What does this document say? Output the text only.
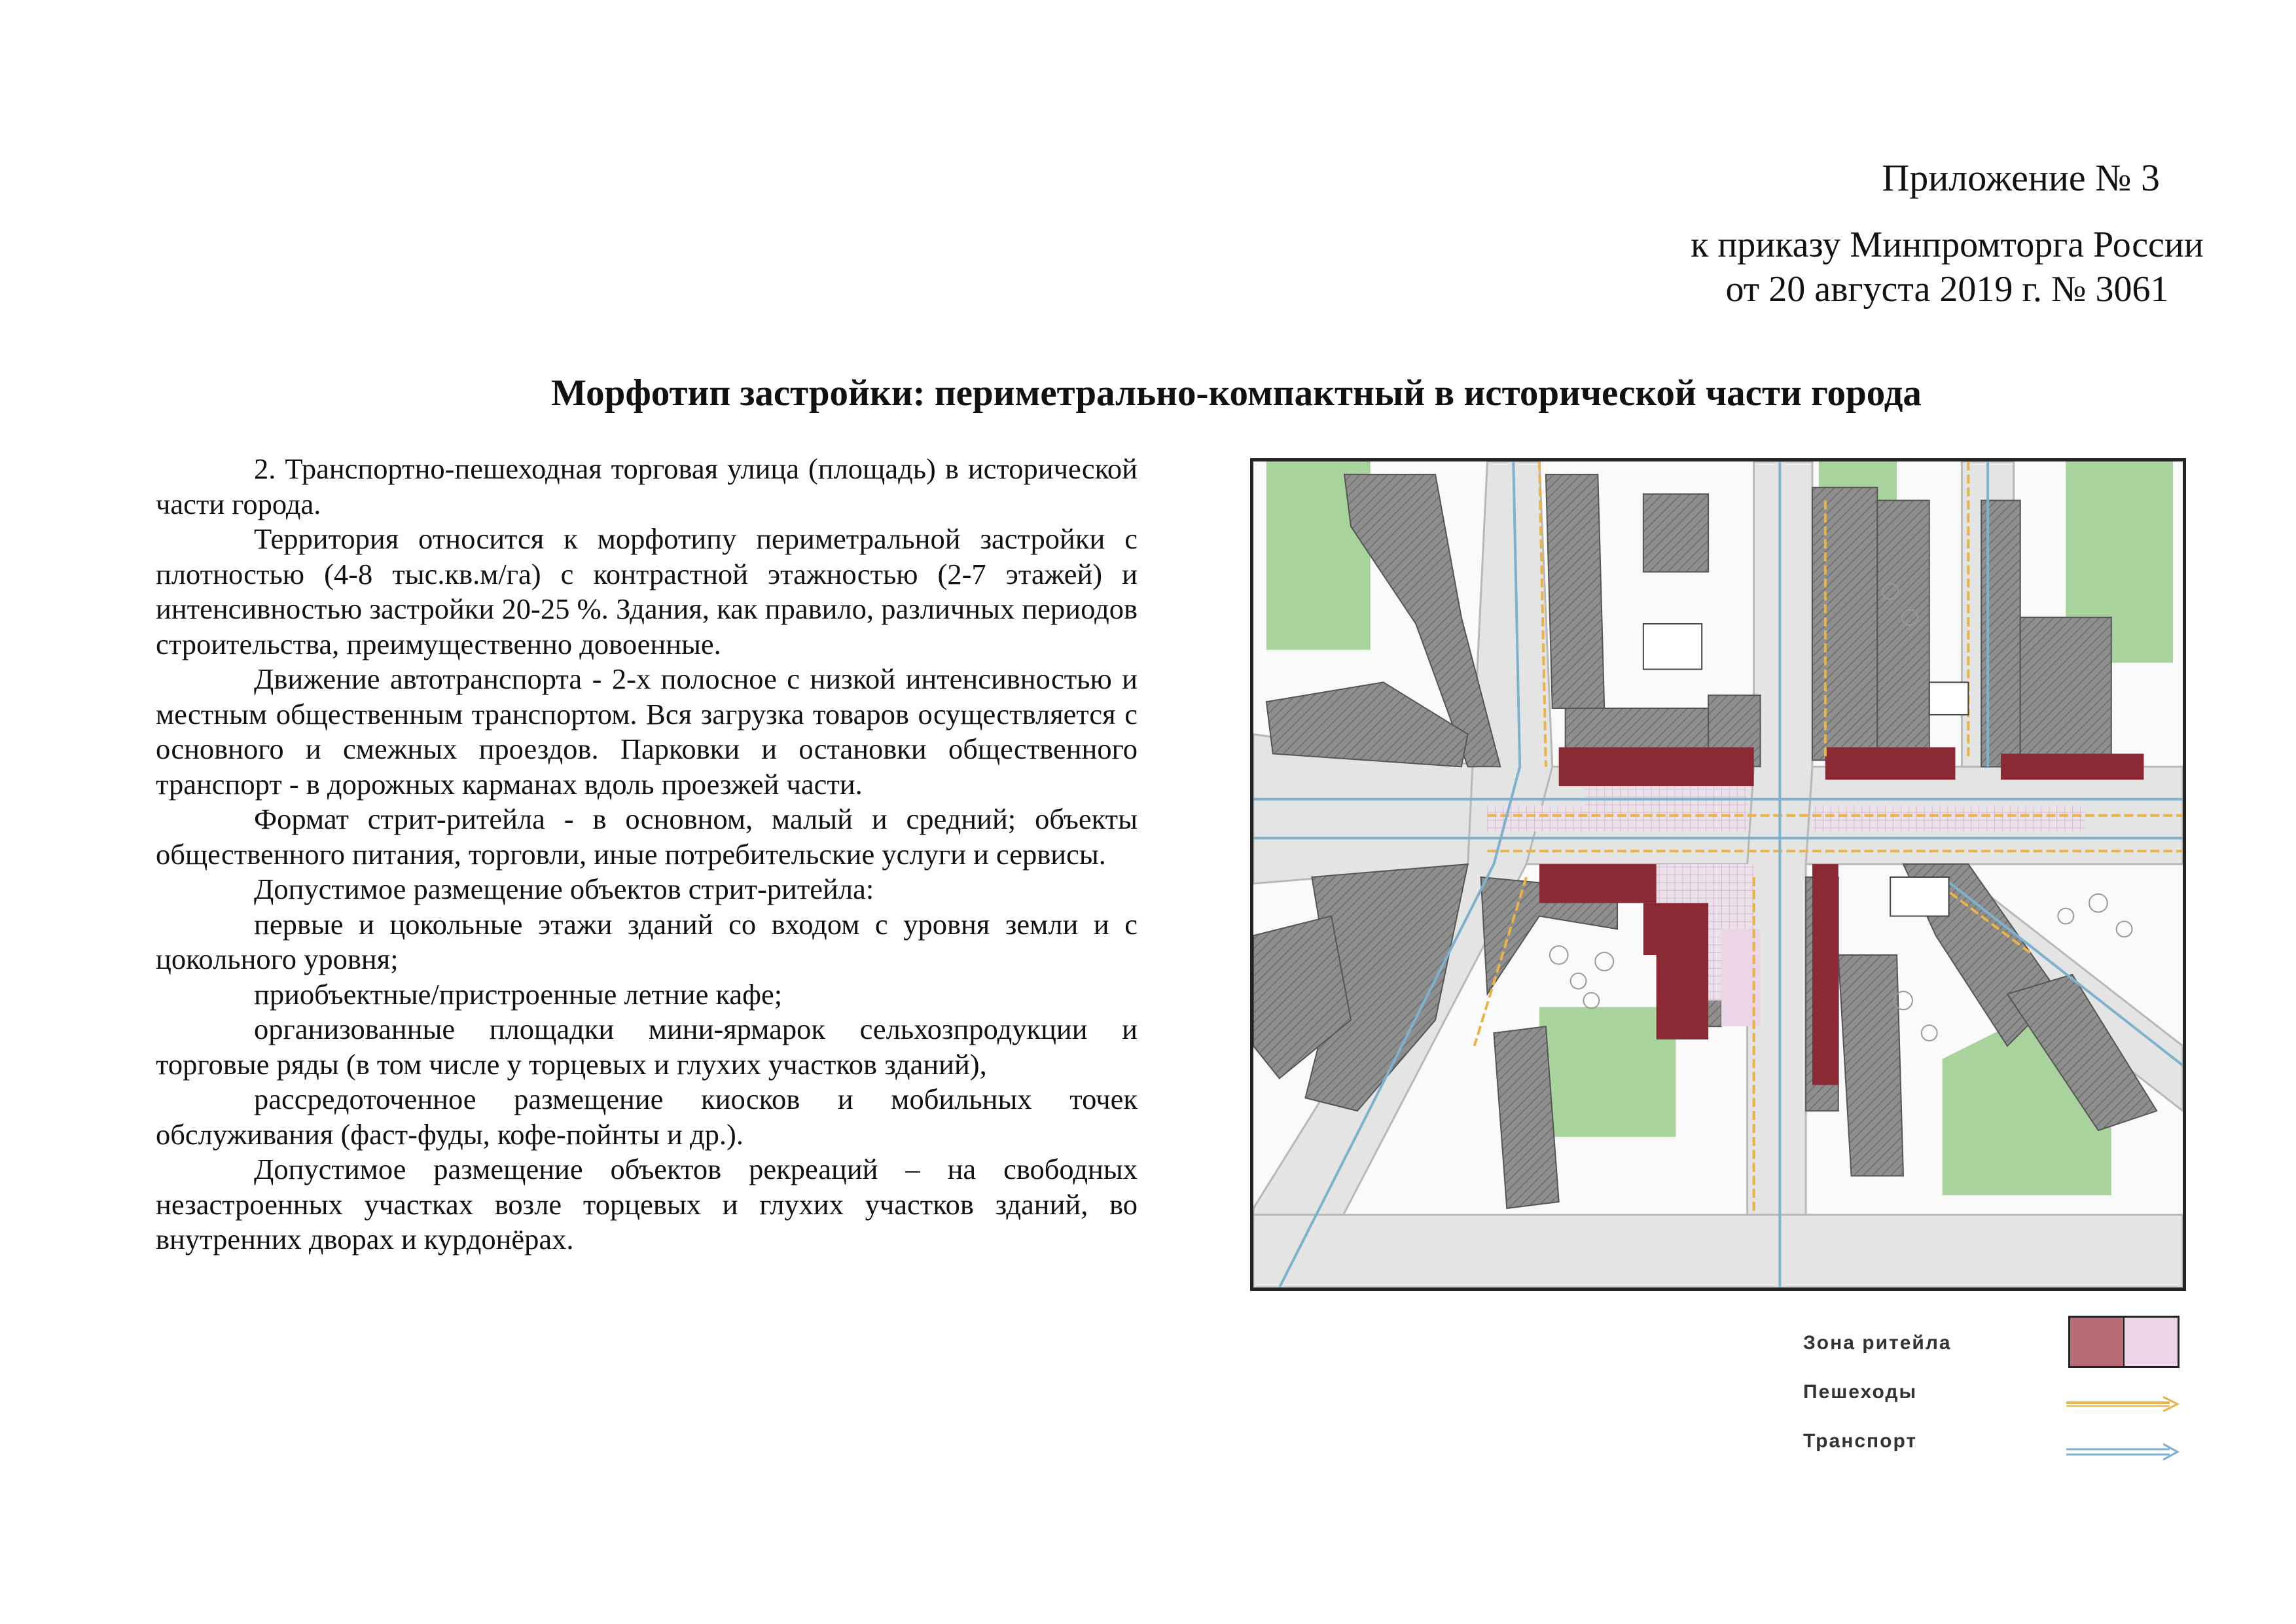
Приложение № 3
к приказу Минпромторга России
от 20 августа 2019 г. № 3061
Морфотип застройки: периметрально-компактный в исторической части города

2. Транспортно-пешеходная торговая улица (площадь) в исторической части города.

Территория относится к морфотипу периметральной застройки с плотностью (4-8 тыс.кв.м/га) с контрастной этажностью (2-7 этажей) и интенсивностью застройки 20-25 %. Здания, как правило, различных периодов строительства, преимущественно довоенные.

Движение автотранспорта - 2-х полосное с низкой интенсивностью и местным общественным транспортом. Вся загрузка товаров осуществляется с основного и смежных проездов. Парковки и остановки общественного транспорт - в дорожных карманах вдоль проезжей части.

Формат стрит-ритейла - в основном, малый и средний; объекты общественного питания, торговли, иные потребительские услуги и сервисы.

Допустимое размещение объектов стрит-ритейла:

первые и цокольные этажи зданий со входом с уровня земли и с цокольного уровня;

приобъектные/пристроенные летние кафе;

организованные площадки мини-ярмарок сельхозпродукции и торговые ряды (в том числе у торцевых и глухих участков зданий),

рассредоточенное размещение киосков и мобильных точек обслуживания (фаст-фуды, кофе-пойнты и др.).

Допустимое размещение объектов рекреаций – на свободных незастроенных участках возле торцевых и глухих участков зданий, во внутренних дворах и курдонёрах.

Зона ритейла
Пешеходы
Транспорт
